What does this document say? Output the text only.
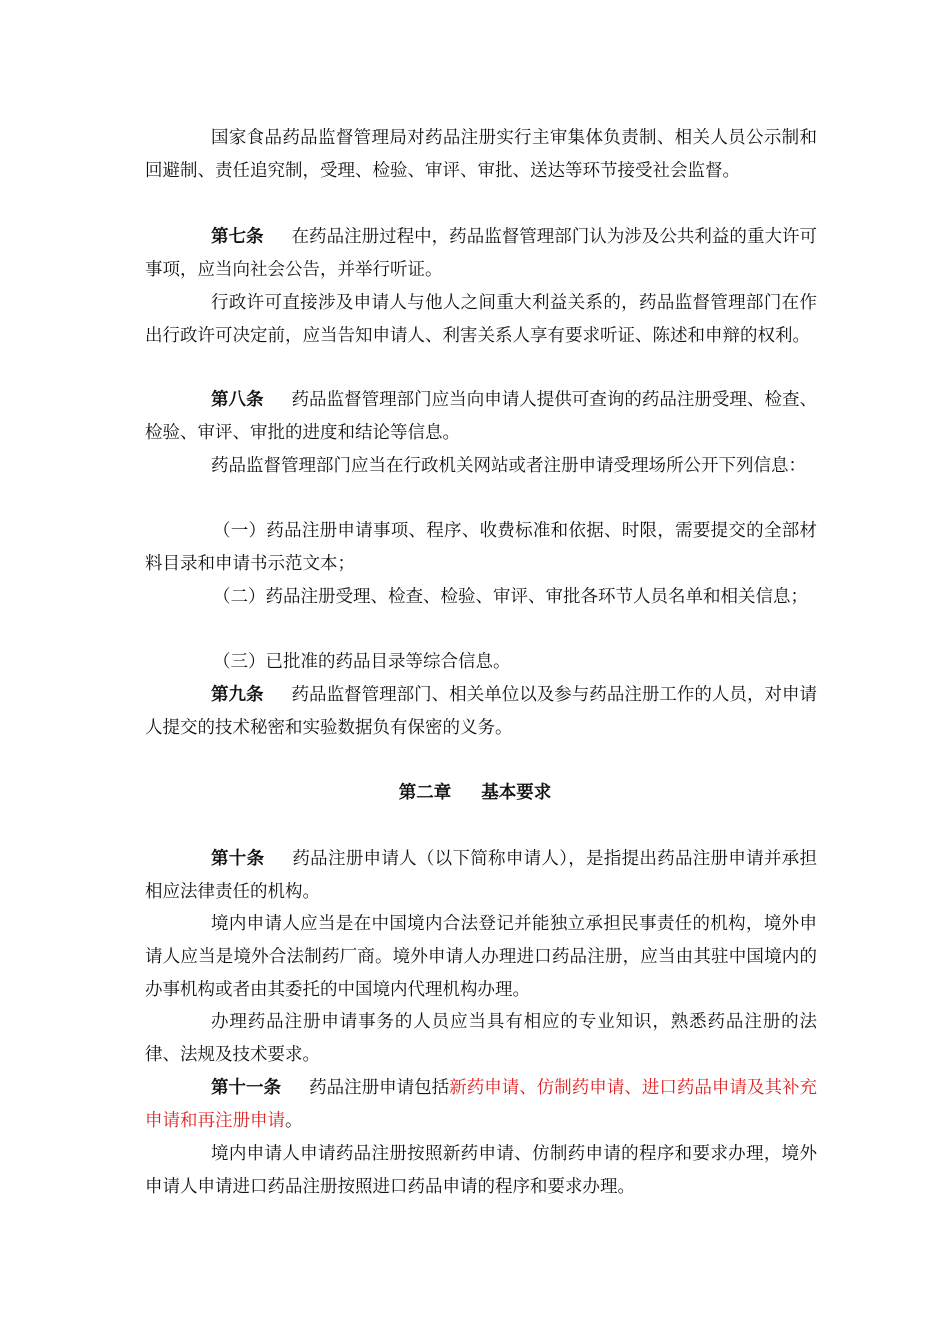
国家食品药品监督管理局对药品注册实行主审集体负责制、相关人员公示制和回避制、责任追究制，受理、检验、审评、审批、送达等环节接受社会监督。

第七条 在药品注册过程中，药品监督管理部门认为涉及公共利益的重大许可事项，应当向社会公告，并举行听证。

行政许可直接涉及申请人与他人之间重大利益关系的，药品监督管理部门在作出行政许可决定前，应当告知申请人、利害关系人享有要求听证、陈述和申辩的权利。

第八条 药品监督管理部门应当向申请人提供可查询的药品注册受理、检查、检验、审评、审批的进度和结论等信息。

药品监督管理部门应当在行政机关网站或者注册申请受理场所公开下列信息：

（一）药品注册申请事项、程序、收费标准和依据、时限，需要提交的全部材料目录和申请书示范文本；

（二）药品注册受理、检查、检验、审评、审批各环节人员名单和相关信息；

（三）已批准的药品目录等综合信息。

第九条 药品监督管理部门、相关单位以及参与药品注册工作的人员，对申请人提交的技术秘密和实验数据负有保密的义务。

第二章 基本要求

第十条 药品注册申请人（以下简称申请人），是指提出药品注册申请并承担相应法律责任的机构。

境内申请人应当是在中国境内合法登记并能独立承担民事责任的机构，境外申请人应当是境外合法制药厂商。境外申请人办理进口药品注册，应当由其驻中国境内的办事机构或者由其委托的中国境内代理机构办理。

办理药品注册申请事务的人员应当具有相应的专业知识，熟悉药品注册的法律、法规及技术要求。

第十一条 药品注册申请包括新药申请、仿制药申请、进口药品申请及其补充申请和再注册申请。

境内申请人申请药品注册按照新药申请、仿制药申请的程序和要求办理，境外申请人申请进口药品注册按照进口药品申请的程序和要求办理。
